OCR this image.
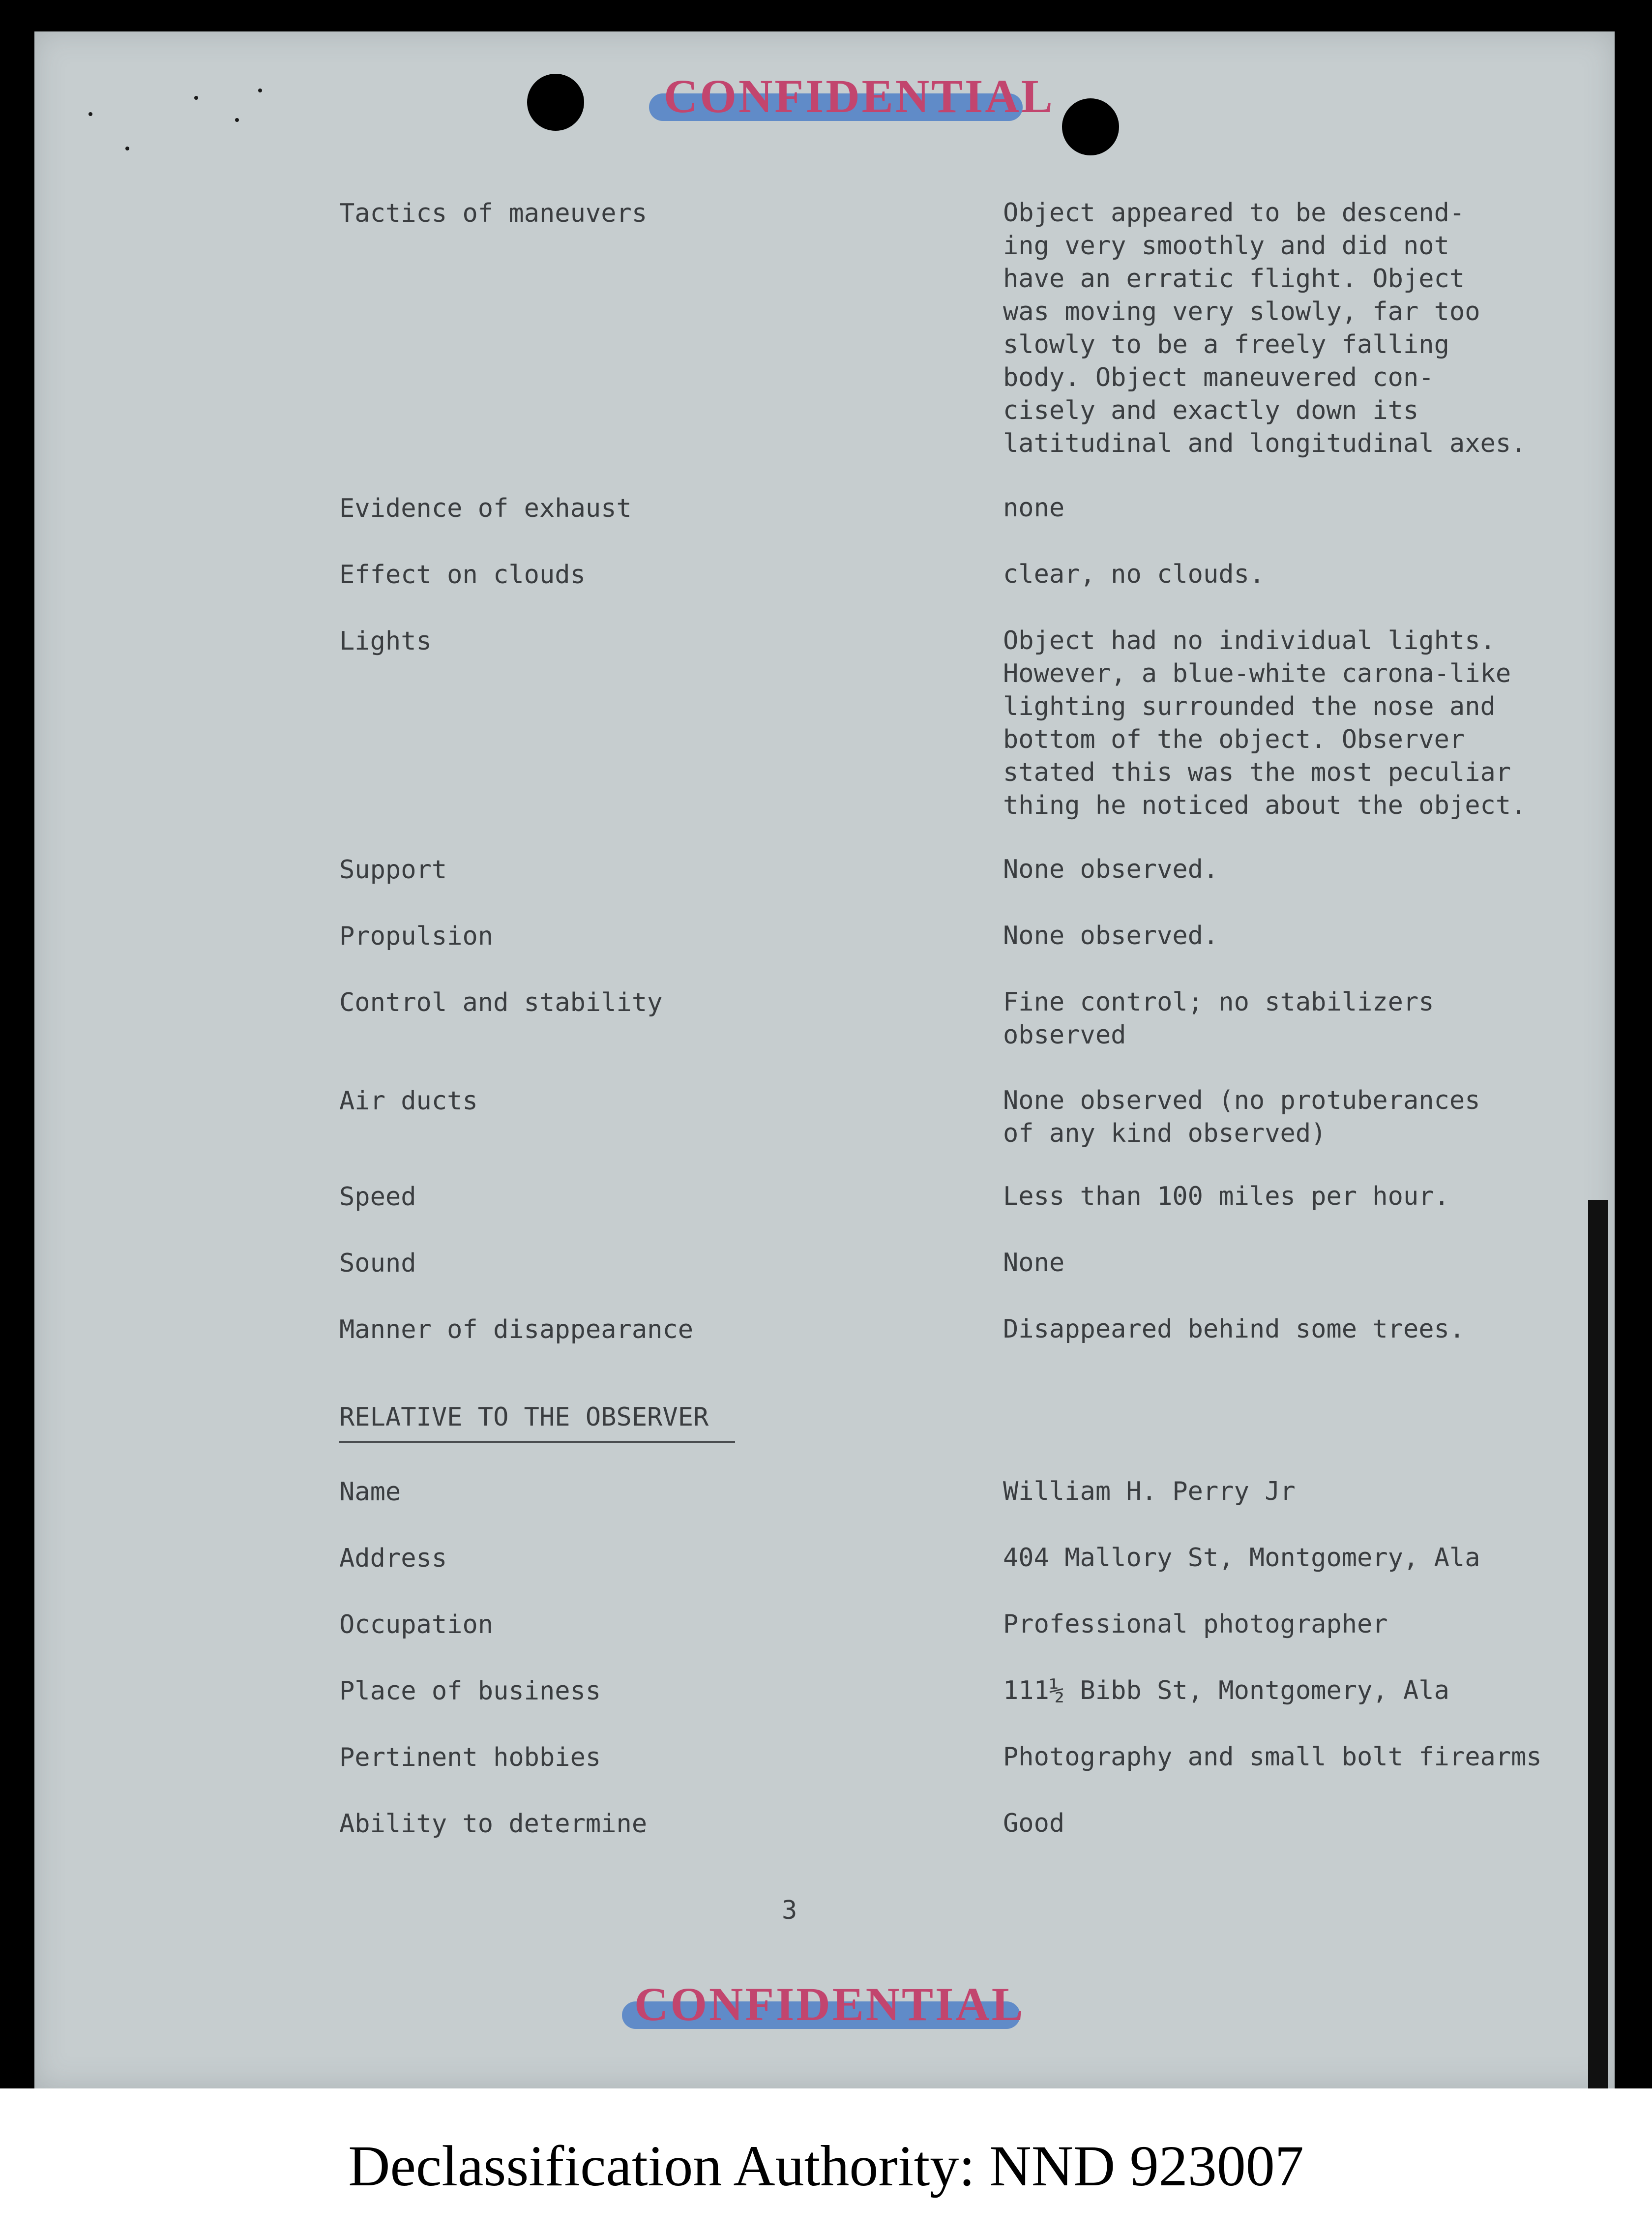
CONFIDENTIAL
Tactics of maneuvers	Object appeared to be descend-
ing very smoothly and did not
have an erratic flight. Object
was moving very slowly, far too
slowly to be a freely falling
body. Object maneuvered con-
cisely and exactly down its
latitudinal and longitudinal axes.
Evidence of exhaust	none
Effect on clouds	clear, no clouds.
Lights	Object had no individual lights.
However, a blue-white carona-like
lighting surrounded the nose and
bottom of the object. Observer
stated this was the most peculiar
thing he noticed about the object.
Support	None observed.
Propulsion	None observed.
Control and stability	Fine control; no stabilizers
observed
Air ducts	None observed (no protuberances
of any kind observed)
Speed	Less than 100 miles per hour.
Sound	None
Manner of disappearance	Disappeared behind some trees.
RELATIVE TO THE OBSERVER
Name	William H. Perry Jr
Address	404 Mallory St, Montgomery, Ala
Occupation	Professional photographer
Place of business	111½ Bibb St, Montgomery, Ala
Pertinent hobbies	Photography and small bolt firearms
Ability to determine	Good
3
CONFIDENTIAL
Declassification Authority: NND 923007
